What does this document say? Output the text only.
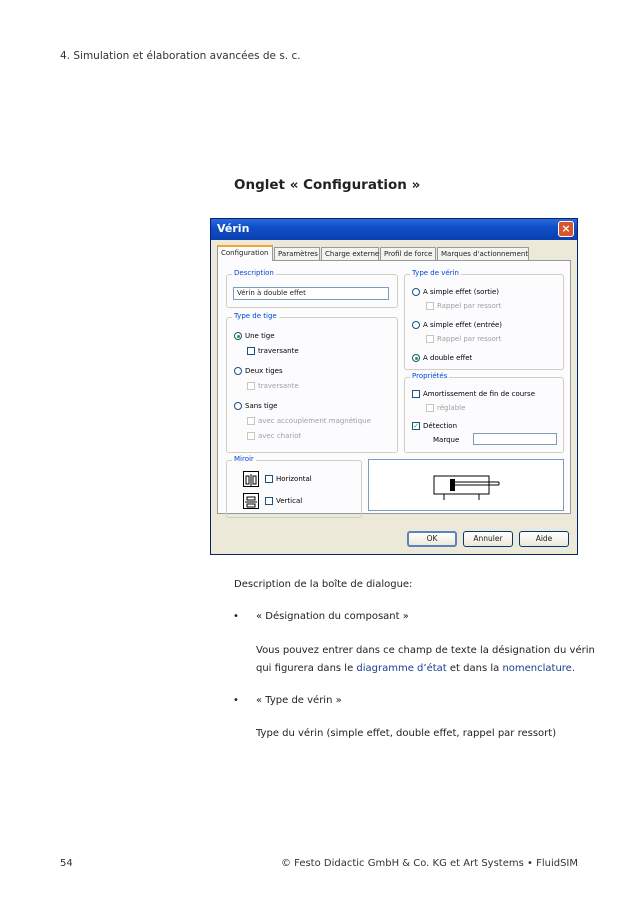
4. Simulation et élaboration avancées de s. c.
Onglet « Configuration »
Vérin	×
Configuration	Paramètres	Charge externe Profil de force	Marques d'actionnement
Description
Vérin à double effet
Type de tige
Une tige
traversante
Deux tiges
traversante
Sans tige
avec accouplement magnétique
avec chariot
Type de vérin
A simple effet (sortie)
Rappel par ressort
A simple effet (entrée)
Rappel par ressort
A double effet
Propriétés
Amortissement de fin de course
réglable
✓ Détection
Marque
Miroir
Horizontal
Vertical
OK	Annuler	Aide
Description de la boîte de dialogue:
• « Désignation du composant »
Vous pouvez entrer dans ce champ de texte la désignation du vérin
qui figurera dans le diagramme d’état et dans la nomenclature.
• « Type de vérin »
Type du vérin (simple effet, double effet, rappel par ressort)
54	© Festo Didactic GmbH & Co. KG et Art Systems • FluidSIM
